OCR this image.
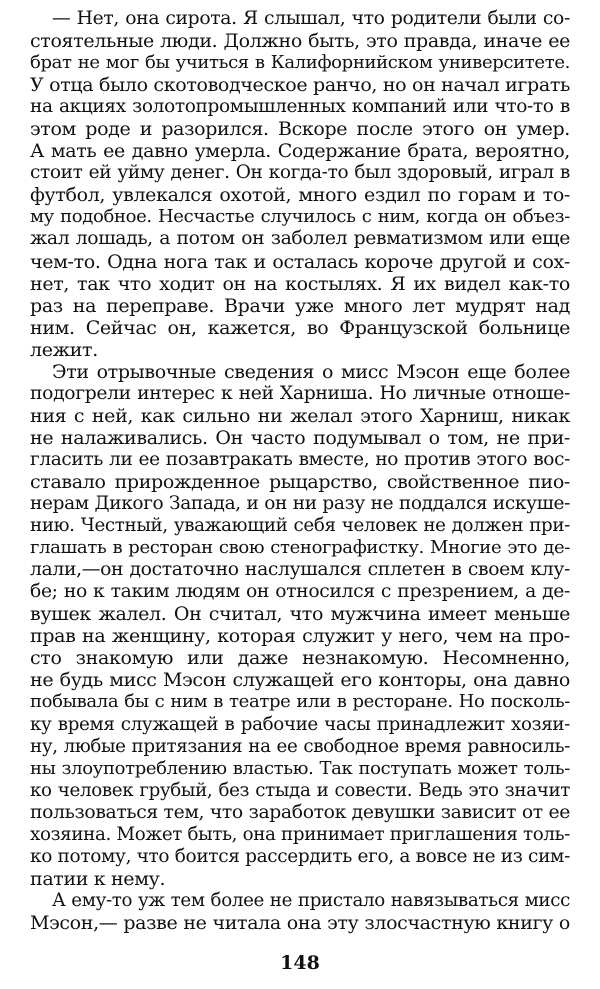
— Нет, она сирота. Я слышал, что родители были со-
стоятельные люди. Должно быть, это правда, иначе ее
брат не мог бы учиться в Калифорнийском университете.
У отца было скотоводческое ранчо, но он начал играть
на акциях золотопромышленных компаний или что-то в
этом роде и разорился. Вскоре после этого он умер.
А мать ее давно умерла. Содержание брата, вероятно,
стоит ей уйму денег. Он когда-то был здоровый, играл в
футбол, увлекался охотой, много ездил по горам и то-
му подобное. Несчастье случилось с ним, когда он объез-
жал лошадь, а потом он заболел ревматизмом или еще
чем-то. Одна нога так и осталась короче другой и сох-
нет, так что ходит он на костылях. Я их видел как-то
раз на переправе. Врачи уже много лет мудрят над
ним. Сейчас он, кажется, во Французской больнице
лежит.
Эти отрывочные сведения о мисс Мэсон еще более
подогрели интерес к ней Харниша. Но личные отноше-
ния с ней, как сильно ни желал этого Харниш, никак
не налаживались. Он часто подумывал о том, не при-
гласить ли ее позавтракать вместе, но против этого вос-
ставало прирожденное рыцарство, свойственное пио-
нерам Дикого Запада, и он ни разу не поддался искуше-
нию. Честный, уважающий себя человек не должен при-
глашать в ресторан свою стенографистку. Многие это де-
лали,—он достаточно наслушался сплетен в своем клу-
бе; но к таким людям он относился с презрением, а де-
вушек жалел. Он считал, что мужчина имеет меньше
прав на женщину, которая служит у него, чем на про-
сто знакомую или даже незнакомую. Несомненно,
не будь мисс Мэсон служащей его конторы, она давно
побывала бы с ним в театре или в ресторане. Но посколь-
ку время служащей в рабочие часы принадлежит хозяи-
ну, любые притязания на ее свободное время равносиль-
ны злоупотреблению властью. Так поступать может толь-
ко человек грубый, без стыда и совести. Ведь это значит
пользоваться тем, что заработок девушки зависит от ее
хозяина. Может быть, она принимает приглашения толь-
ко потому, что боится рассердить его, а вовсе не из сим-
патии к нему.
А ему-то уж тем более не пристало навязываться мисс
Мэсон,— разве не читала она эту злосчастную книгу о
148
